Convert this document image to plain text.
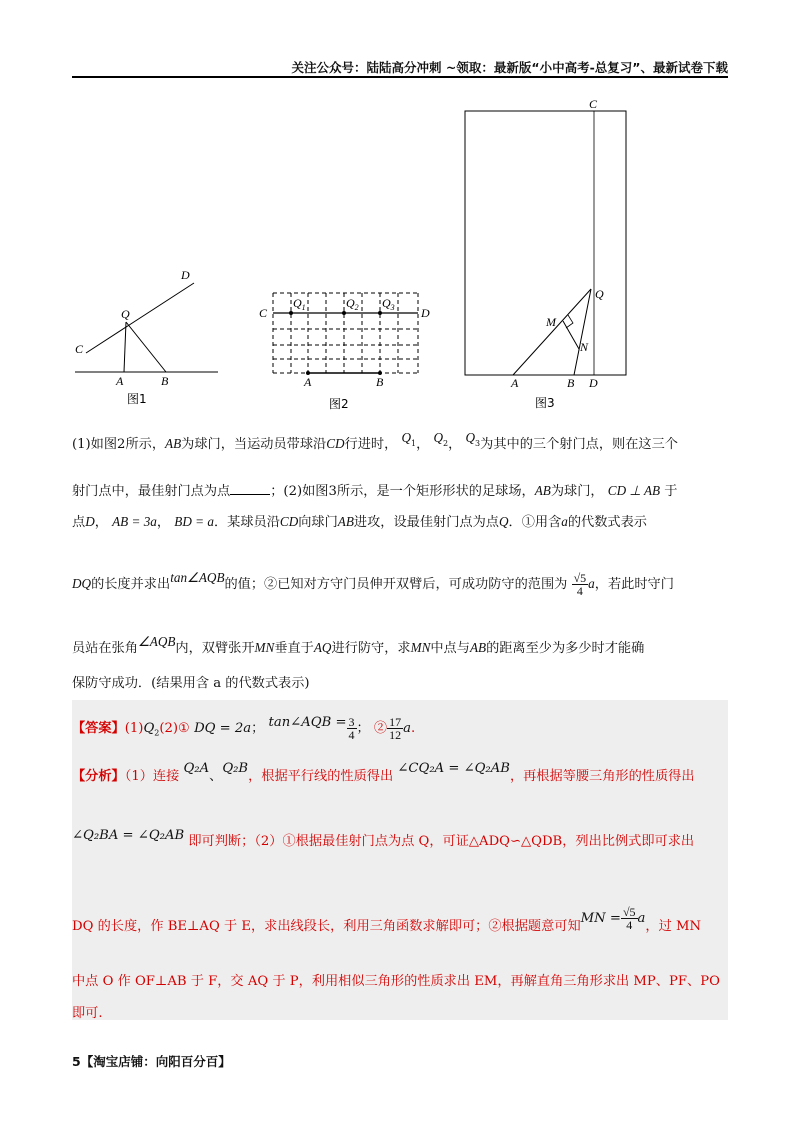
关注公众号：陆陆高分冲刺 ~领取：最新版“小中高考-总复习”、最新试卷下载
D
C
Q
A	B
图1
C	D
$Q_1$	$Q_2$ $Q_3$
A	B
图2
C
Q
M
N
A	B D
图3
(1)如图2所示，AB为球门，当运动员带球沿CD行进时， $Q_1$， $Q_2$， $Q_3$为其中的三个射门点，则在这三个
射门点中，最佳射门点为点	；(2)如图3所示，是一个矩形形状的足球场，AB为球门， CD ⊥ AB 于
点D， AB = 3a， BD = a．某球员沿CD向球门AB进攻，设最佳射门点为点Q．①用含a的代数式表示
DQ的长度并求出tan∠AQB的值；②已知对方守门员伸开双臂后，可成功防守的范围为 $\frac{√5}{4}$ a，若此时守门
员站在张角∠AQB内，双臂张开MN垂直于AQ进行防守，求MN中点与AB的距离至少为多少时才能确
保防守成功．(结果用含 a 的代数式表示)
【答案】$(1)Q_2(2)①$ DQ = 2a； tan∠AQB = $\frac{3}{4}$ ； ② $\frac{17}{12} a$.
【分析】（1）连接 Q₂A、Q₂B，根据平行线的性质得出 ∠CQ₂A = ∠Q₂AB，再根据等腰三角形的性质得出
∠Q₂BA = ∠Q₂AB 即可判断；（2）①根据最佳射门点为点 Q，可证△ADQ∽△QDB，列出比例式即可求出
DQ 的长度，作 BE⊥AQ 于 E，求出线段长，利用三角函数求解即可；②根据题意可知MN = $\frac{√5}{4}$ a，过 MN
中点 O 作 OF⊥AB 于 F，交 AQ 于 P，利用相似三角形的性质求出 EM，再解直角三角形求出 MP、PF、PO
即可.
5【淘宝店铺：向阳百分百】
